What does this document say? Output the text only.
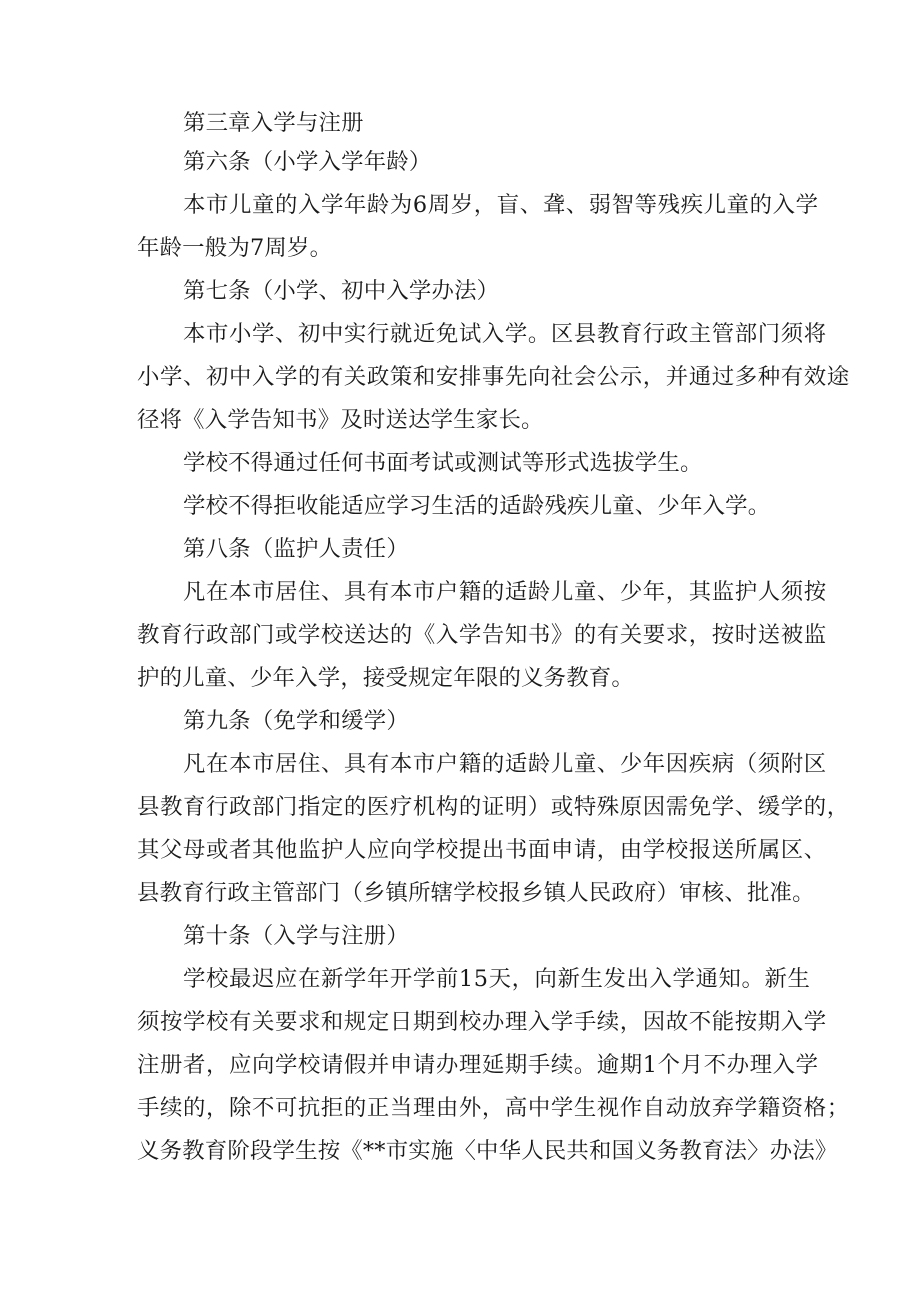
第三章入学与注册
第六条（小学入学年龄）
本市儿童的入学年龄为6周岁，盲、聋、弱智等残疾儿童的入学
年龄一般为7周岁。
第七条（小学、初中入学办法）
本市小学、初中实行就近免试入学。区县教育行政主管部门须将
小学、初中入学的有关政策和安排事先向社会公示，并通过多种有效途
径将《入学告知书》及时送达学生家长。
学校不得通过任何书面考试或测试等形式选拔学生。
学校不得拒收能适应学习生活的适龄残疾儿童、少年入学。
第八条（监护人责任）
凡在本市居住、具有本市户籍的适龄儿童、少年，其监护人须按
教育行政部门或学校送达的《入学告知书》的有关要求，按时送被监
护的儿童、少年入学，接受规定年限的义务教育。
第九条（免学和缓学）
凡在本市居住、具有本市户籍的适龄儿童、少年因疾病（须附区
县教育行政部门指定的医疗机构的证明）或特殊原因需免学、缓学的，
其父母或者其他监护人应向学校提出书面申请，由学校报送所属区、
县教育行政主管部门（乡镇所辖学校报乡镇人民政府）审核、批准。
第十条（入学与注册）
学校最迟应在新学年开学前15天，向新生发出入学通知。新生
须按学校有关要求和规定日期到校办理入学手续，因故不能按期入学
注册者，应向学校请假并申请办理延期手续。逾期1个月不办理入学
手续的，除不可抗拒的正当理由外，高中学生视作自动放弃学籍资格；
义务教育阶段学生按《**市实施〈中华人民共和国义务教育法〉办法》
